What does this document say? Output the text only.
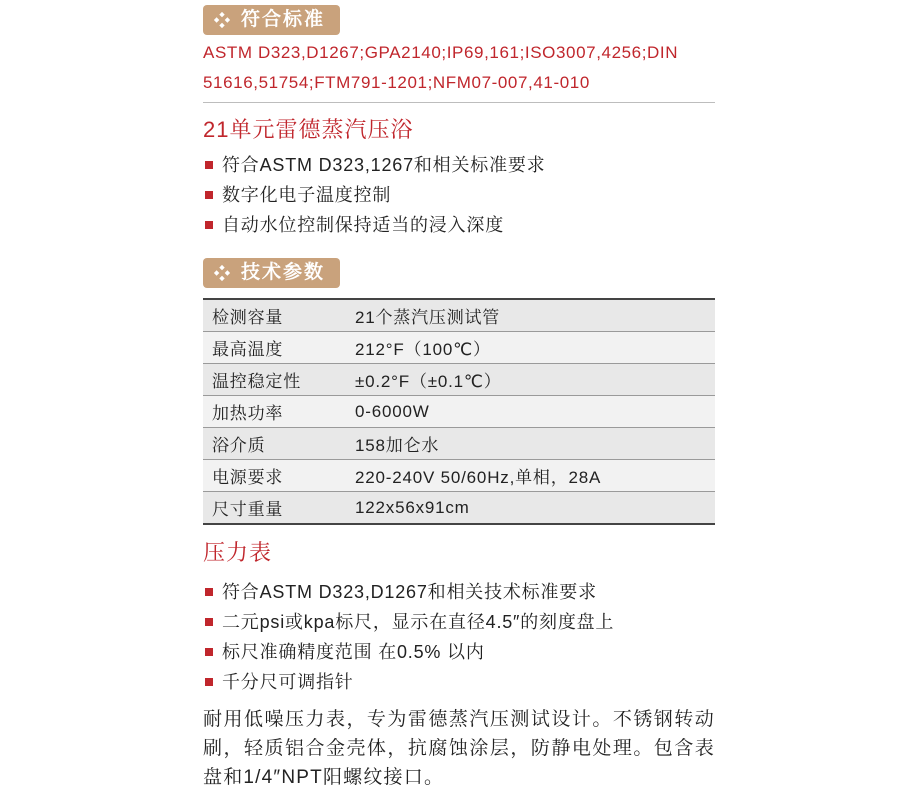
符合标准
ASTM D323,D1267;GPA2140;IP69,161;ISO3007,4256;DIN
51616,51754;FTM791-1201;NFM07-007,41-010
21单元雷德蒸汽压浴
符合ASTM D323,1267和相关标准要求
数字化电子温度控制
自动水位控制保持适当的浸入深度
技术参数
检测容量	21个蒸汽压测试管
最高温度	212°F（100℃）
温控稳定性	±0.2°F（±0.1℃）
加热功率	0-6000W
浴介质	158加仑水
电源要求	220-240V 50/60Hz,单相，28A
尺寸重量	122x56x91cm
压力表
符合ASTM D323,D1267和相关技术标准要求
二元psi或kpa标尺，显示在直径4.5″的刻度盘上
标尺准确精度范围 在0.5% 以内
千分尺可调指针

耐用低噪压力表，专为雷德蒸汽压测试设计。不锈钢转动刷，轻质铝合金壳体，抗腐蚀涂层，防静电处理。包含表盘和1/4″NPT阳螺纹接口。
